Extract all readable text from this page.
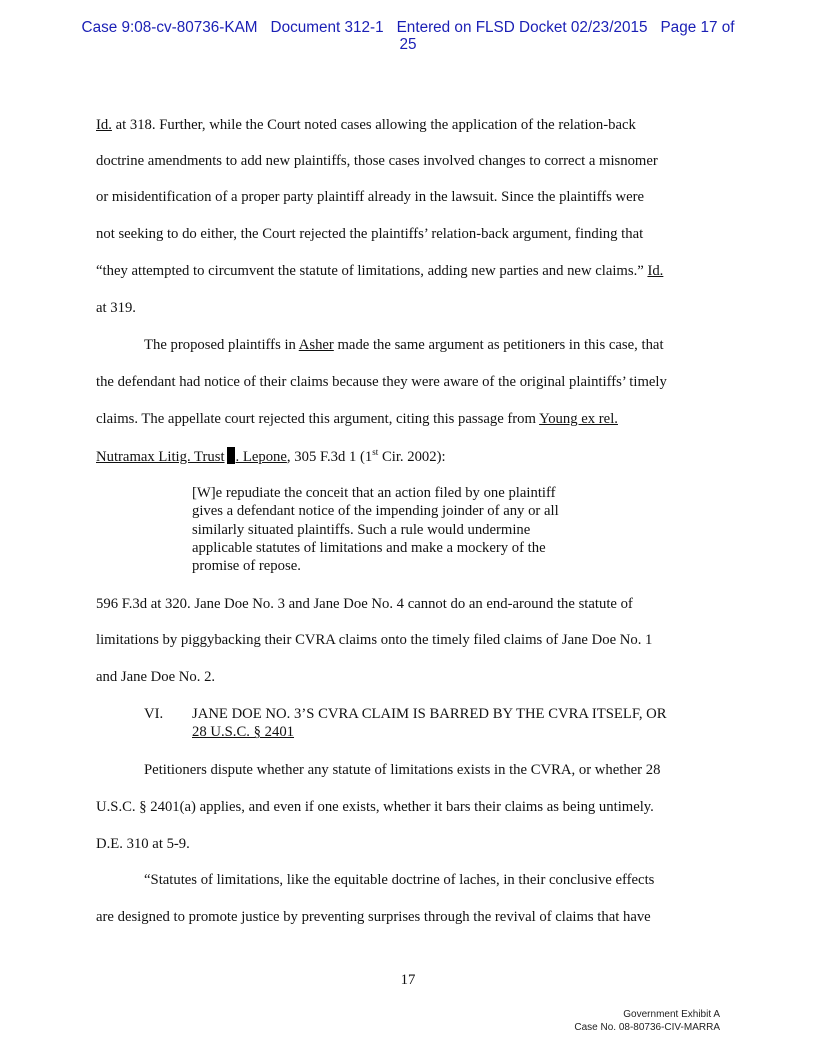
Case 9:08-cv-80736-KAM Document 312-1 Entered on FLSD Docket 02/23/2015 Page 17 of
25
Id. at 318. Further, while the Court noted cases allowing the application of the relation-back
doctrine amendments to add new plaintiffs, those cases involved changes to correct a misnomer
or misidentification of a proper party plaintiff already in the lawsuit. Since the plaintiffs were
not seeking to do either, the Court rejected the plaintiffs’ relation-back argument, finding that
“they attempted to circumvent the statute of limitations, adding new parties and new claims.” Id.
at 319.
The proposed plaintiffs in Asher made the same argument as petitioners in this case, that
the defendant had notice of their claims because they were aware of the original plaintiffs’ timely
claims. The appellate court rejected this argument, citing this passage from Young ex rel.
Nutramax Litig. Trust . Lepone, 305 F.3d 1 (1st Cir. 2002):
[W]e repudiate the conceit that an action filed by one plaintiff
gives a defendant notice of the impending joinder of any or all
similarly situated plaintiffs. Such a rule would undermine
applicable statutes of limitations and make a mockery of the
promise of repose.
596 F.3d at 320. Jane Doe No. 3 and Jane Doe No. 4 cannot do an end-around the statute of
limitations by piggybacking their CVRA claims onto the timely filed claims of Jane Doe No. 1
and Jane Doe No. 2.
VI. JANE DOE NO. 3’S CVRA CLAIM IS BARRED BY THE CVRA ITSELF, OR
28 U.S.C. § 2401
Petitioners dispute whether any statute of limitations exists in the CVRA, or whether 28
U.S.C. § 2401(a) applies, and even if one exists, whether it bars their claims as being untimely.
D.E. 310 at 5-9.
“Statutes of limitations, like the equitable doctrine of laches, in their conclusive effects
are designed to promote justice by preventing surprises through the revival of claims that have
17
Government Exhibit A
Case No. 08-80736-CIV-MARRA
